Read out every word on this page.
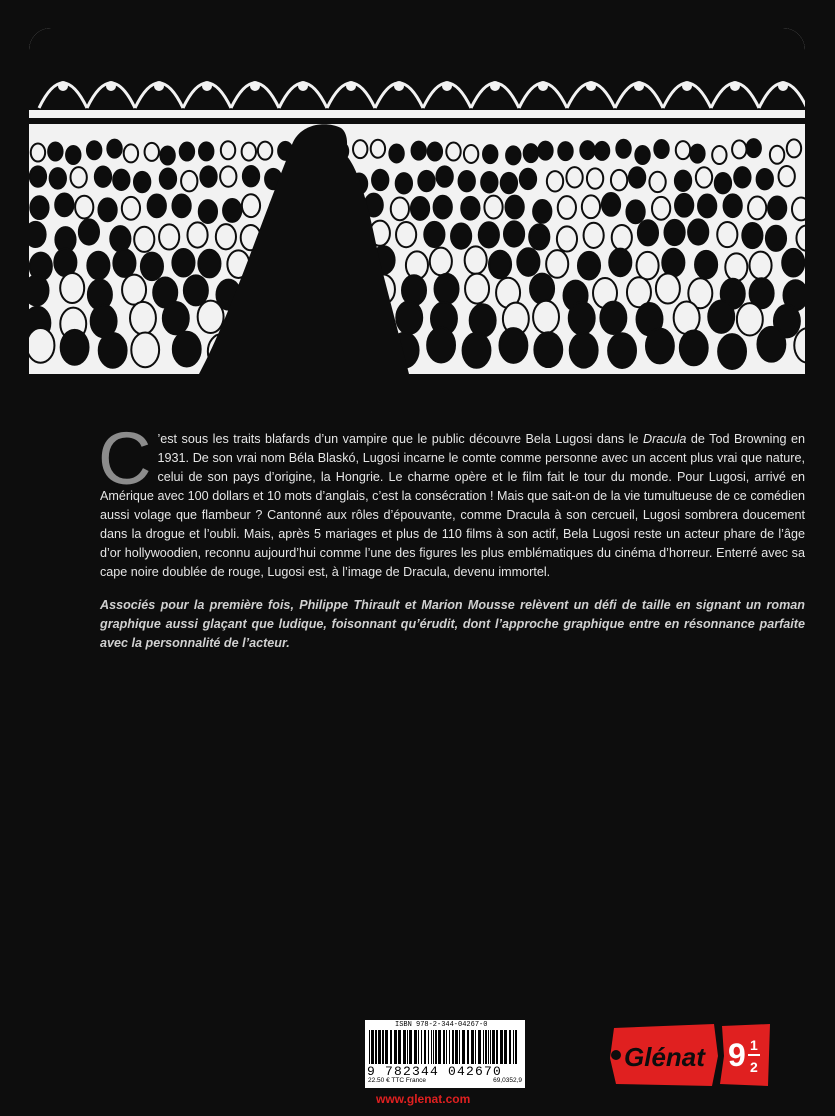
C ’est sous les traits blafards d’un vampire que le public découvre Bela Lugosi dans le Dracula de Tod Browning en 1931. De son vrai nom Béla Blaskó, Lugosi incarne le comte comme personne avec un accent plus vrai que nature, celui de son pays d’origine, la Hongrie. Le charme opère et le film fait le tour du monde. Pour Lugosi, arrivé en Amérique avec 100 dollars et 10 mots d’anglais, c’est la consécration ! Mais que sait-on de la vie tumultueuse de ce comédien aussi volage que flambeur ? Cantonné aux rôles d’épouvante, comme Dracula à son cercueil, Lugosi sombrera doucement dans la drogue et l’oubli. Mais, après 5 mariages et plus de 110 films à son actif, Bela Lugosi reste un acteur phare de l’âge d’or hollywoodien, reconnu aujourd’hui comme l’une des figures les plus emblématiques du cinéma d’horreur. Enterré avec sa cape noire doublée de rouge, Lugosi est, à l’image de Dracula, devenu immortel.
Associés pour la première fois, Philippe Thirault et Marion Mousse relèvent un défi de taille en signant un roman graphique aussi glaçant que ludique, foisonnant qu’érudit, dont l’approche graphique entre en résonnance parfaite avec la personnalité de l’acteur.
ISBN 978-2-344-04267-0
9 782344 042670
22.50 € TTC France	69,0352,9
www.glenat.com
Glénat 9 1
2
